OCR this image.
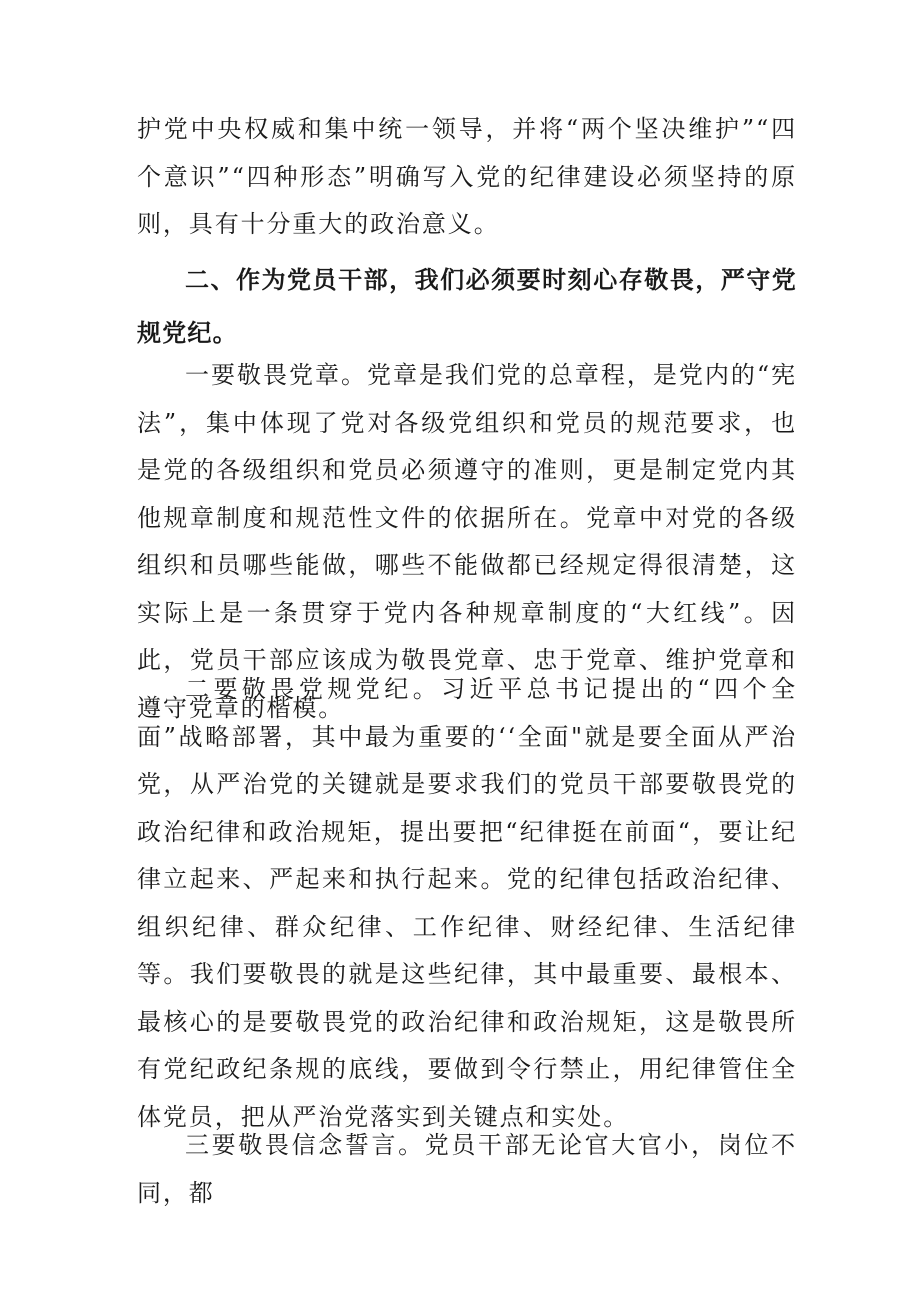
护党中央权威和集中统一领导，并将“两个坚决维护”“四个意识”“四种形态”明确写入党的纪律建设必须坚持的原则，具有十分重大的政治意义。

二、作为党员干部，我们必须要时刻心存敬畏，严守党规党纪。

一要敬畏党章。党章是我们党的总章程，是党内的“宪法”，集中体现了党对各级党组织和党员的规范要求，也是党的各级组织和党员必须遵守的准则，更是制定党内其他规章制度和规范性文件的依据所在。党章中对党的各级组织和员哪些能做，哪些不能做都已经规定得很清楚，这实际上是一条贯穿于党内各种规章制度的“大红线”。因此，党员干部应该成为敬畏党章、忠于党章、维护党章和遵守党章的楷模。

二要敬畏党规党纪。习近平总书记提出的“四个全面”战略部署，其中最为重要的‘‘全面"就是要全面从严治党，从严治党的关键就是要求我们的党员干部要敬畏党的政治纪律和政治规矩，提出要把“纪律挺在前面“，要让纪律立起来、严起来和执行起来。党的纪律包括政治纪律、组织纪律、群众纪律、工作纪律、财经纪律、生活纪律等。我们要敬畏的就是这些纪律，其中最重要、最根本、最核心的是要敬畏党的政治纪律和政治规矩，这是敬畏所有党纪政纪条规的底线，要做到令行禁止，用纪律管住全体党员，把从严治党落实到关键点和实处。

三要敬畏信念誓言。党员干部无论官大官小，岗位不同，都
